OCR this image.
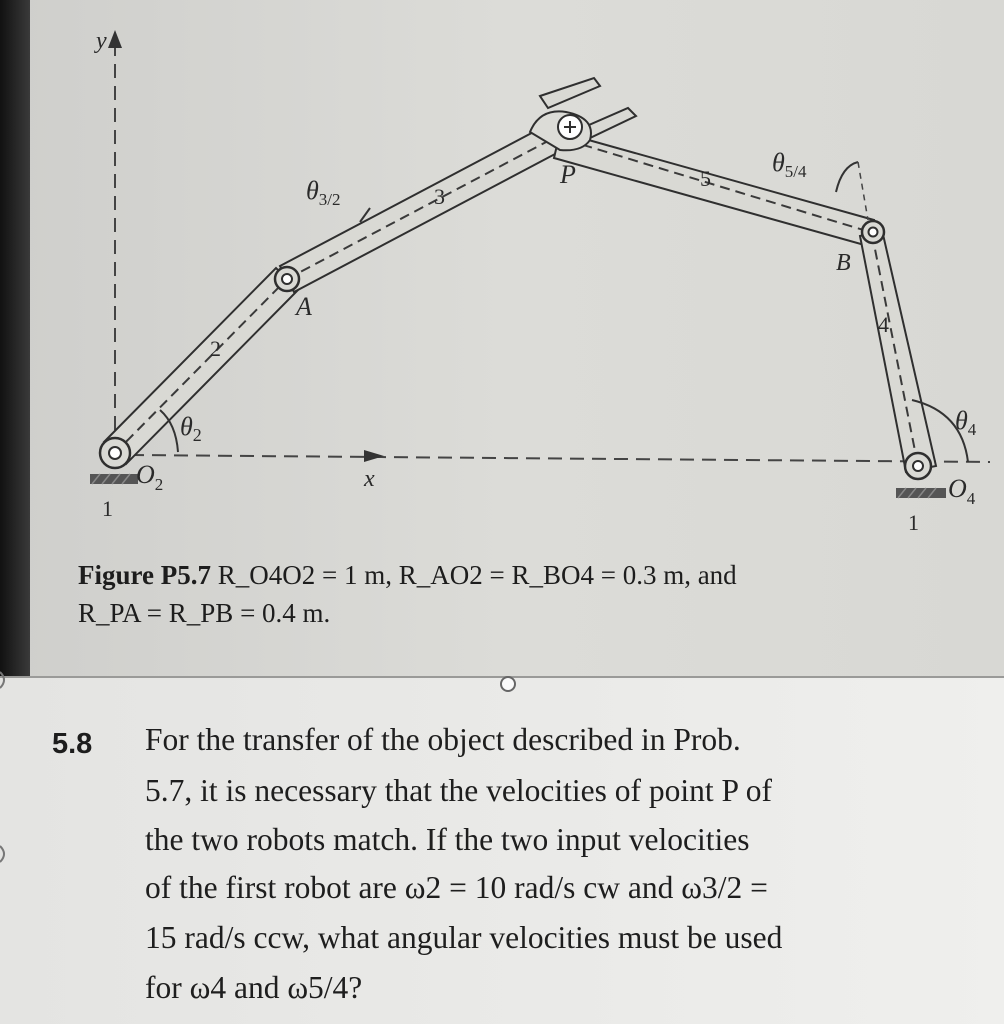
y
x
$O_2$	$O_4$
A
B
P
$\theta_2$
$\theta_{3/2}$
$\theta_4$
$\theta_{5/4}$
1
1
2
3
4
5
Figure P5.7 R_O4O2 = 1 m, R_AO2 = R_BO4 = 0.3 m, and
R_PA = R_PB = 0.4 m.
5.8 For the transfer of the object described in Prob.
5.7, it is necessary that the velocities of point P of
the two robots match. If the two input velocities
of the first robot are ω2 = 10 rad/s cw and ω3/2 =
15 rad/s ccw, what angular velocities must be used
for ω4 and ω5/4?
